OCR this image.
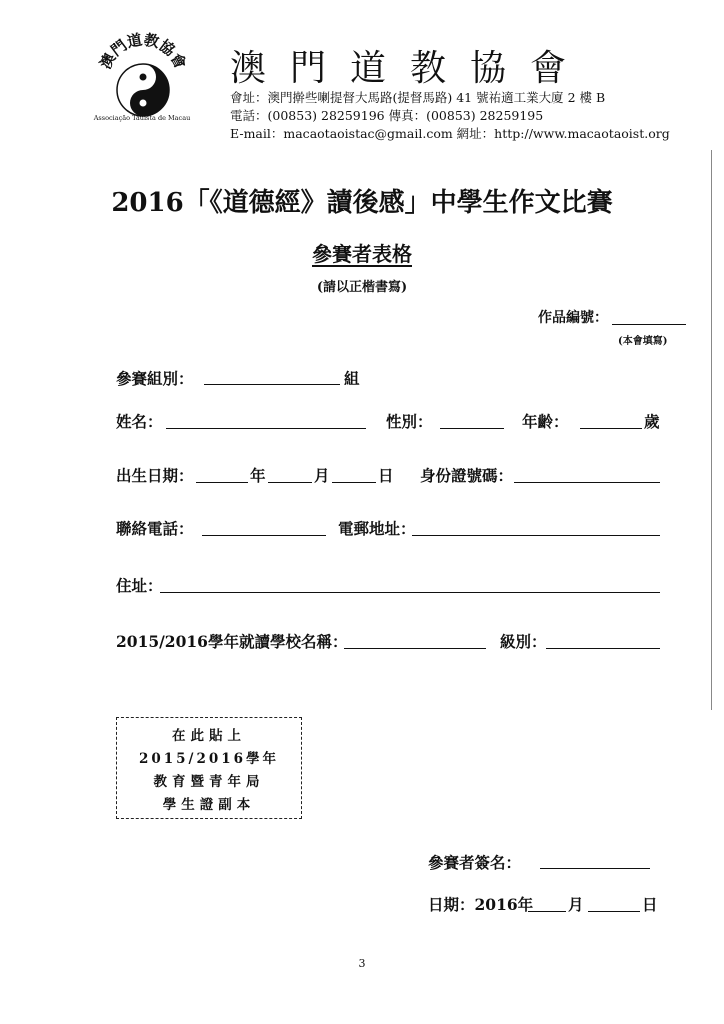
澳門道教協會
Associação Tauísta de Macau
澳門道教協會
會址：澳門擀些喇提督大馬路(提督馬路) 41 號祐適工業大廈 2 樓 B
電話：(00853) 28259196 傳真：(00853) 28259195
E-mail：macaotaoistac@gmail.com 網址：http://www.macaotaoist.org
2016「《道德經》讀後感」中學生作文比賽
參賽者表格
(請以正楷書寫)
作品編號：
(本會填寫)
參賽組別：	組
姓名：	性別：	年齡：	歲
出生日期：	年	月	日 身份證號碼：
聯絡電話：	電郵地址：
住址：
2015/2016學年就讀學校名稱：	級別：
在此貼上
2015/2016學年
教育暨青年局
學生證副本
參賽者簽名：
日期：2016年 月	日
3
